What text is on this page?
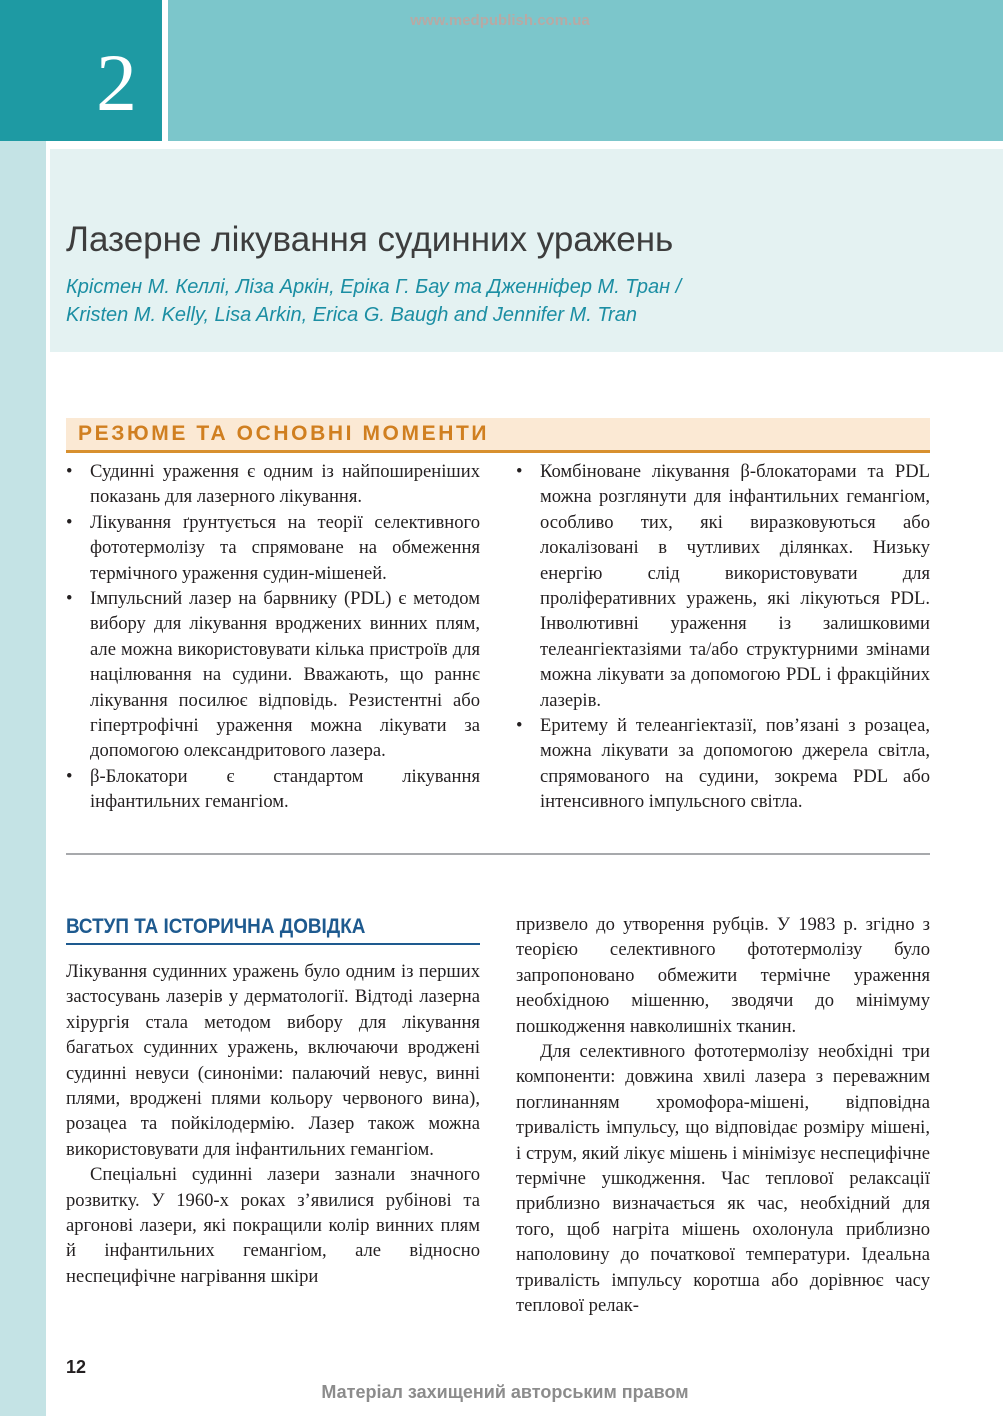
2
www.medpublish.com.ua
Лазерне лікування судинних уражень
Крістен М. Келлі, Ліза Аркін, Еріка Г. Бау та Дженніфер М. Тран /
Kristen M. Kelly, Lisa Arkin, Erica G. Baugh and Jennifer M. Tran
РЕЗЮМЕ ТА ОСНОВНІ МОМЕНТИ
• Судинні ураження є одним із найпоширеніших показань для лазерного лікування.
• Лікування ґрунтується на теорії селективного фототермолізу та спрямоване на обмеження термічного ураження судин-мішеней.
• Імпульсний лазер на барвнику (PDL) є методом вибору для лікування вроджених винних плям, але можна використовувати кілька пристроїв для націлювання на судини. Вважають, що раннє лікування посилює відповідь. Резистентні або гіпертрофічні ураження можна лікувати за допомогою олександритового лазера.
• β-Блокатори є стандартом лікування інфантильних гемангіом.
• Комбіноване лікування β-блокаторами та PDL можна розглянути для інфантильних гемангіом, особливо тих, які виразковуються або локалізовані в чутливих ділянках. Низьку енергію слід використовувати для проліферативних уражень, які лікуються PDL. Інволютивні ураження із залишковими телеангіектазіями та/або структурними змінами можна лікувати за допомогою PDL і фракційних лазерів.
• Еритему й телеангіектазії, пов’язані з розацеа, можна лікувати за допомогою джерела світла, спрямованого на судини, зокрема PDL або інтенсивного імпульсного світла.
ВСТУП ТА ІСТОРИЧНА ДОВІДКА

Лікування судинних уражень було одним із перших застосувань лазерів у дерматології. Відтоді лазерна хірургія стала методом вибору для лікування багатьох судинних уражень, включаючи вроджені судинні невуси (синоніми: палаючий невус, винні плями, вроджені плями кольору червоного вина), розацеа та пойкілодермію. Лазер також можна використовувати для інфантильних гемангіом.

Спеціальні судинні лазери зазнали значного розвитку. У 1960-х роках з’явилися рубінові та аргонові лазери, які покращили колір винних плям й інфантильних гемангіом, але відносно неспецифічне нагрівання шкіри

призвело до утворення рубців. У 1983 р. згідно з теорією селективного фототермолізу було запропоновано обмежити термічне ураження необхідною мішенню, зводячи до мінімуму пошкодження навколишніх тканин.

Для селективного фототермолізу необхідні три компоненти: довжина хвилі лазера з переважним поглинанням хромофора-мішені, відповідна тривалість імпульсу, що відповідає розміру мішені, і струм, який лікує мішень і мінімізує неспецифічне термічне ушкодження. Час теплової релаксації приблизно визначається як час, необхідний для того, щоб нагріта мішень охолонула приблизно наполовину до початкової температури. Ідеальна тривалість імпульсу коротша або дорівнює часу теплової релак-

12
Матеріал захищений авторським правом
